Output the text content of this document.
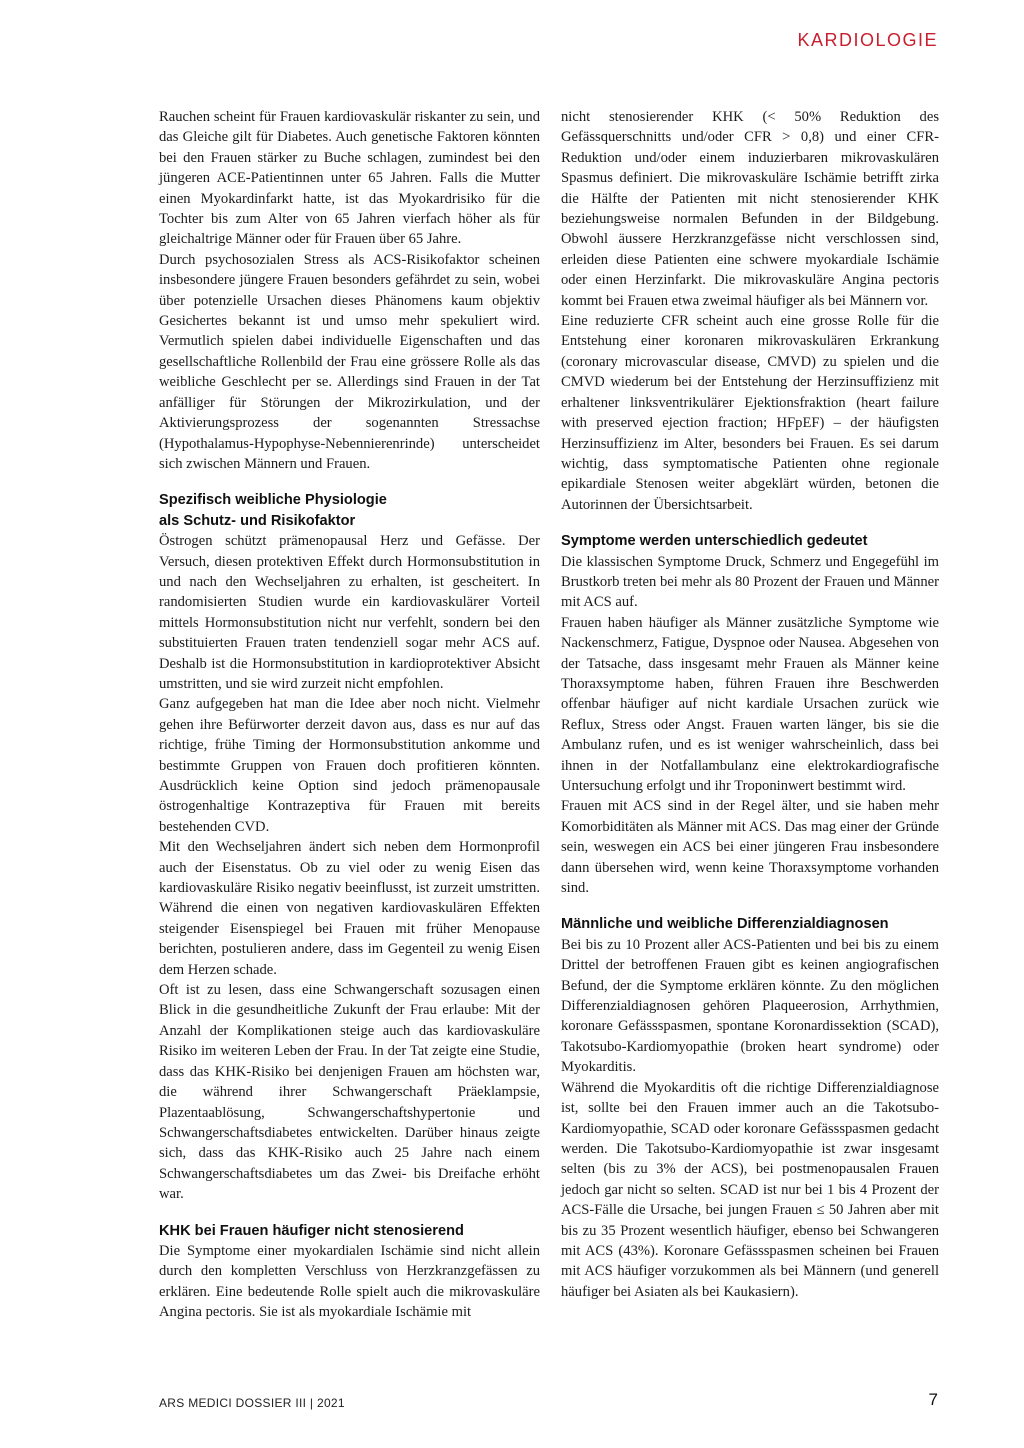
KARDIOLOGIE

Rauchen scheint für Frauen kardiovaskulär riskanter zu sein, und das Gleiche gilt für Diabetes. Auch genetische Faktoren könnten bei den Frauen stärker zu Buche schlagen, zumindest bei den jüngeren ACE-Patientinnen unter 65 Jahren. Falls die Mutter einen Myokardinfarkt hatte, ist das Myokardrisiko für die Tochter bis zum Alter von 65 Jahren vierfach höher als für gleichaltrige Männer oder für Frauen über 65 Jahre.

Durch psychosozialen Stress als ACS-Risikofaktor scheinen insbesondere jüngere Frauen besonders gefährdet zu sein, wobei über potenzielle Ursachen dieses Phänomens kaum objektiv Gesichertes bekannt ist und umso mehr spekuliert wird. Vermutlich spielen dabei individuelle Eigenschaften und das gesellschaftliche Rollenbild der Frau eine grössere Rolle als das weibliche Geschlecht per se. Allerdings sind Frauen in der Tat anfälliger für Störungen der Mikrozirkulation, und der Aktivierungsprozess der sogenannten Stressachse (Hypothalamus-Hypophyse-Nebennierenrinde) unterscheidet sich zwischen Männern und Frauen.

Spezifisch weibliche Physiologie
als Schutz- und Risikofaktor

Östrogen schützt prämenopausal Herz und Gefässe. Der Versuch, diesen protektiven Effekt durch Hormonsubstitution in und nach den Wechseljahren zu erhalten, ist gescheitert. In randomisierten Studien wurde ein kardiovaskulärer Vorteil mittels Hormonsubstitution nicht nur verfehlt, sondern bei den substituierten Frauen traten tendenziell sogar mehr ACS auf. Deshalb ist die Hormonsubstitution in kardioprotektiver Absicht umstritten, und sie wird zurzeit nicht empfohlen.

Ganz aufgegeben hat man die Idee aber noch nicht. Vielmehr gehen ihre Befürworter derzeit davon aus, dass es nur auf das richtige, frühe Timing der Hormonsubstitution ankomme und bestimmte Gruppen von Frauen doch profitieren könnten. Ausdrücklich keine Option sind jedoch prämenopausale östrogenhaltige Kontrazeptiva für Frauen mit bereits bestehenden CVD.

Mit den Wechseljahren ändert sich neben dem Hormonprofil auch der Eisenstatus. Ob zu viel oder zu wenig Eisen das kardiovaskuläre Risiko negativ beeinflusst, ist zurzeit umstritten. Während die einen von negativen kardiovaskulären Effekten steigender Eisenspiegel bei Frauen mit früher Menopause berichten, postulieren andere, dass im Gegenteil zu wenig Eisen dem Herzen schade.

Oft ist zu lesen, dass eine Schwangerschaft sozusagen einen Blick in die gesundheitliche Zukunft der Frau erlaube: Mit der Anzahl der Komplikationen steige auch das kardiovaskuläre Risiko im weiteren Leben der Frau. In der Tat zeigte eine Studie, dass das KHK-Risiko bei denjenigen Frauen am höchsten war, die während ihrer Schwangerschaft Präeklampsie, Plazentaablösung, Schwangerschaftshypertonie und Schwangerschaftsdiabetes entwickelten. Darüber hinaus zeigte sich, dass das KHK-Risiko auch 25 Jahre nach einem Schwangerschaftsdiabetes um das Zwei- bis Dreifache erhöht war.

KHK bei Frauen häufiger nicht stenosierend

Die Symptome einer myokardialen Ischämie sind nicht allein durch den kompletten Verschluss von Herzkranzgefässen zu erklären. Eine bedeutende Rolle spielt auch die mikrovaskuläre Angina pectoris. Sie ist als myokardiale Ischämie mit

nicht stenosierender KHK (< 50% Reduktion des Gefässquerschnitts und/oder CFR > 0,8) und einer CFR-Reduktion und/oder einem induzierbaren mikrovaskulären Spasmus definiert. Die mikrovaskuläre Ischämie betrifft zirka die Hälfte der Patienten mit nicht stenosierender KHK beziehungsweise normalen Befunden in der Bildgebung. Obwohl äussere Herzkranzgefässe nicht verschlossen sind, erleiden diese Patienten eine schwere myokardiale Ischämie oder einen Herzinfarkt. Die mikrovaskuläre Angina pectoris kommt bei Frauen etwa zweimal häufiger als bei Männern vor.

Eine reduzierte CFR scheint auch eine grosse Rolle für die Entstehung einer koronaren mikrovaskulären Erkrankung (coronary microvascular disease, CMVD) zu spielen und die CMVD wiederum bei der Entstehung der Herzinsuffizienz mit erhaltener linksventrikulärer Ejektionsfraktion (heart failure with preserved ejection fraction; HFpEF) – der häufigsten Herzinsuffizienz im Alter, besonders bei Frauen. Es sei darum wichtig, dass symptomatische Patienten ohne regionale epikardiale Stenosen weiter abgeklärt würden, betonen die Autorinnen der Übersichtsarbeit.

Symptome werden unterschiedlich gedeutet

Die klassischen Symptome Druck, Schmerz und Engegefühl im Brustkorb treten bei mehr als 80 Prozent der Frauen und Männer mit ACS auf.

Frauen haben häufiger als Männer zusätzliche Symptome wie Nackenschmerz, Fatigue, Dyspnoe oder Nausea. Abgesehen von der Tatsache, dass insgesamt mehr Frauen als Männer keine Thoraxsymptome haben, führen Frauen ihre Beschwerden offenbar häufiger auf nicht kardiale Ursachen zurück wie Reflux, Stress oder Angst. Frauen warten länger, bis sie die Ambulanz rufen, und es ist weniger wahrscheinlich, dass bei ihnen in der Notfallambulanz eine elektrokardiografische Untersuchung erfolgt und ihr Troponinwert bestimmt wird.

Frauen mit ACS sind in der Regel älter, und sie haben mehr Komorbiditäten als Männer mit ACS. Das mag einer der Gründe sein, weswegen ein ACS bei einer jüngeren Frau insbesondere dann übersehen wird, wenn keine Thoraxsymptome vorhanden sind.

Männliche und weibliche Differenzialdiagnosen

Bei bis zu 10 Prozent aller ACS-Patienten und bei bis zu einem Drittel der betroffenen Frauen gibt es keinen angiografischen Befund, der die Symptome erklären könnte. Zu den möglichen Differenzialdiagnosen gehören Plaqueerosion, Arrhythmien, koronare Gefässspasmen, spontane Koronardissektion (SCAD), Takotsubo-Kardiomyopathie (broken heart syndrome) oder Myokarditis.

Während die Myokarditis oft die richtige Differenzialdiagnose ist, sollte bei den Frauen immer auch an die Takotsubo-Kardiomyopathie, SCAD oder koronare Gefässspasmen gedacht werden. Die Takotsubo-Kardiomyopathie ist zwar insgesamt selten (bis zu 3% der ACS), bei postmenopausalen Frauen jedoch gar nicht so selten. SCAD ist nur bei 1 bis 4 Prozent der ACS-Fälle die Ursache, bei jungen Frauen ≤ 50 Jahren aber mit bis zu 35 Prozent wesentlich häufiger, ebenso bei Schwangeren mit ACS (43%). Koronare Gefässspasmen scheinen bei Frauen mit ACS häufiger vorzukommen als bei Männern (und generell häufiger bei Asiaten als bei Kaukasiern).

ARS MEDICI DOSSIER III | 2021	7
